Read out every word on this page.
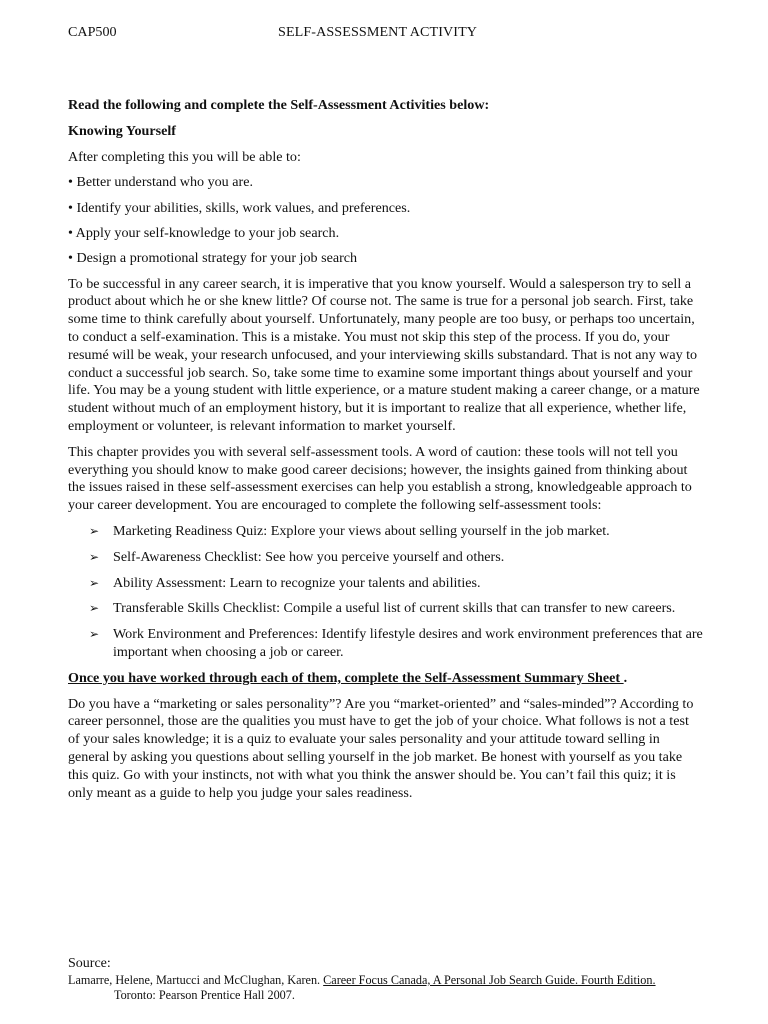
CAP500	SELF-ASSESSMENT ACTIVITY

Read the following and complete the Self-Assessment Activities below:

Knowing Yourself

After completing this you will be able to:

• Better understand who you are.

• Identify your abilities, skills, work values, and preferences.

• Apply your self-knowledge to your job search.

• Design a promotional strategy for your job search

To be successful in any career search, it is imperative that you know yourself. Would a salesperson try to sell a product about which he or she knew little? Of course not. The same is true for a personal job search. First, take some time to think carefully about yourself. Unfortunately, many people are too busy, or perhaps too uncertain, to conduct a self-examination. This is a mistake. You must not skip this step of the process. If you do, your resumé will be weak, your research unfocused, and your interviewing skills substandard. That is not any way to conduct a successful job search. So, take some time to examine some important things about yourself and your life. You may be a young student with little experience, or a mature student making a career change, or a mature student without much of an employment history, but it is important to realize that all experience, whether life, employment or volunteer, is relevant information to market yourself.

This chapter provides you with several self-assessment tools. A word of caution: these tools will not tell you everything you should know to make good career decisions; however, the insights gained from thinking about the issues raised in these self-assessment exercises can help you establish a strong, knowledgeable approach to your career development. You are encouraged to complete the following self-assessment tools:

➢ Marketing Readiness Quiz: Explore your views about selling yourself in the job market.
➢ Self-Awareness Checklist: See how you perceive yourself and others.
➢ Ability Assessment: Learn to recognize your talents and abilities.
➢ Transferable Skills Checklist: Compile a useful list of current skills that can transfer to new careers.
➢ Work Environment and Preferences: Identify lifestyle desires and work environment preferences that are important when choosing a job or career.

Once you have worked through each of them, complete the Self-Assessment Summary Sheet .

Do you have a “marketing or sales personality”? Are you “market-oriented” and “sales-minded”? According to career personnel, those are the qualities you must have to get the job of your choice. What follows is not a test of your sales knowledge; it is a quiz to evaluate your sales personality and your attitude toward selling in general by asking you questions about selling yourself in the job market. Be honest with yourself as you take this quiz. Go with your instincts, not with what you think the answer should be. You can’t fail this quiz; it is only meant as a guide to help you judge your sales readiness.

Source:
Lamarre, Helene, Martucci and McClughan, Karen. Career Focus Canada, A Personal Job Search Guide. Fourth Edition.
Toronto: Pearson Prentice Hall 2007.
